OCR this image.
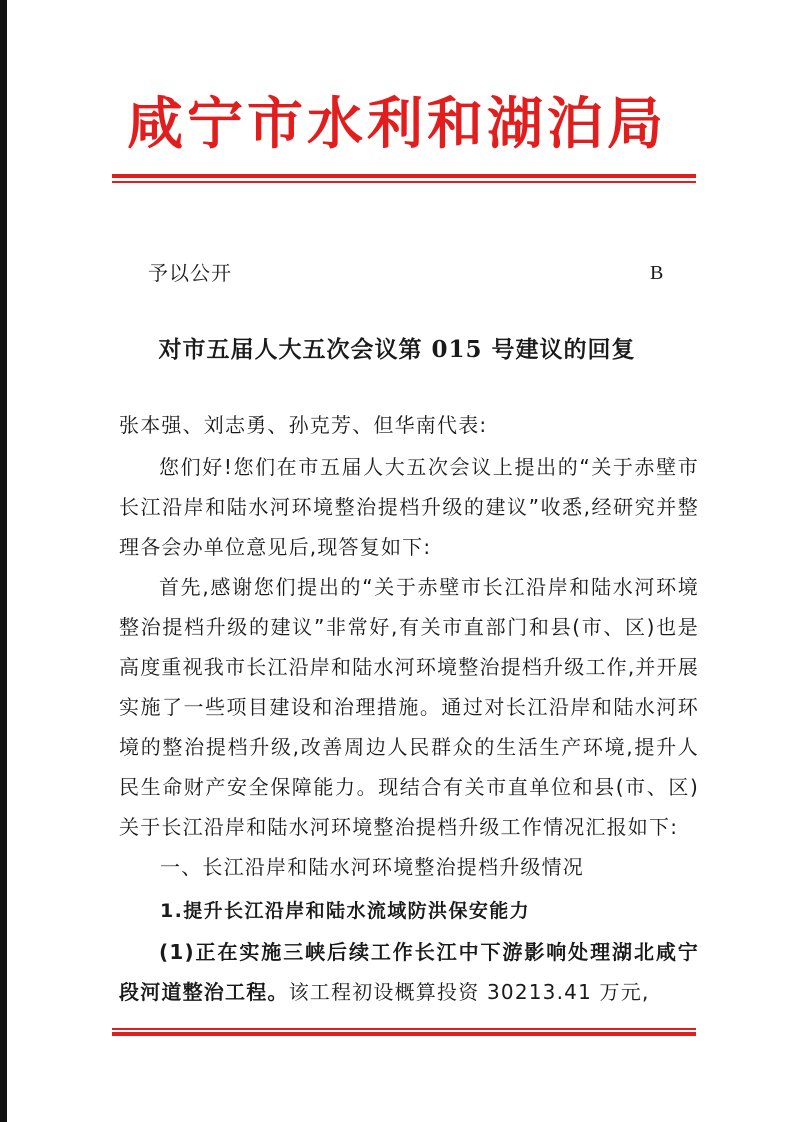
咸宁市水利和湖泊局
予以公开	B
对市五届人大五次会议第 015 号建议的回复
张本强、刘志勇、孙克芳、但华南代表:
您们好!您们在市五届人大五次会议上提出的“关于赤壁市长江沿岸和陆水河环境整治提档升级的建议”收悉,经研究并整理各会办单位意见后,现答复如下:
首先,感谢您们提出的“关于赤壁市长江沿岸和陆水河环境整治提档升级的建议”非常好,有关市直部门和县(市、区)也是高度重视我市长江沿岸和陆水河环境整治提档升级工作,并开展实施了一些项目建设和治理措施。通过对长江沿岸和陆水河环境的整治提档升级,改善周边人民群众的生活生产环境,提升人民生命财产安全保障能力。现结合有关市直单位和县(市、区)关于长江沿岸和陆水河环境整治提档升级工作情况汇报如下:
一、长江沿岸和陆水河环境整治提档升级情况
1.提升长江沿岸和陆水流域防洪保安能力
(1)正在实施三峡后续工作长江中下游影响处理湖北咸宁段河道整治工程。该工程初设概算投资 30213.41 万元,
